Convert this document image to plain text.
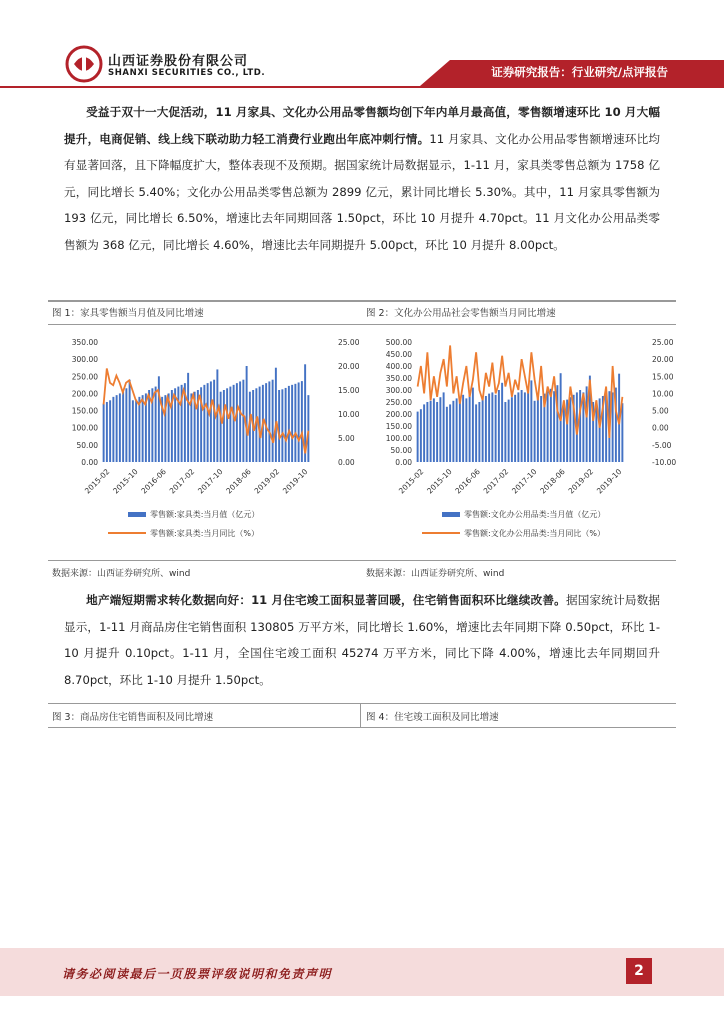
山西证券股份有限公司
SHANXI SECURITIES CO., LTD.	证券研究报告：行业研究/点评报告
受益于双十一大促活动，11 月家具、文化办公用品零售额均创下年内单月最高值，零售额增速环比 10 月大幅提升，电商促销、线上线下联动助力轻工消费行业跑出年底冲刺行情。11 月家具、文化办公用品零售额增速环比均有显著回落，且下降幅度扩大，整体表现不及预期。据国家统计局数据显示，1-11 月，家具类零售总额为 1758 亿元，同比增长 5.40%；文化办公用品类零售总额为 2899 亿元，累计同比增长 5.30%。其中，11 月家具零售额为 193 亿元，同比增长 6.50%，增速比去年同期回落 1.50pct，环比 10 月提升 4.70pct。11 月文化办公用品类零售额为 368 亿元，同比增长 4.60%，增速比去年同期提升 5.00pct，环比 10 月提升 8.00pct。
图 1：家具零售额当月值及同比增速	图 2：文化办公用品社会零售额当月同比增速
0.00
50.00
100.00
150.00
200.00
250.00
300.00
350.00
0.00
5.00
10.00
15.00
20.00
25.00
2015-02 2015-10 2016-06 2017-02 2017-10 2018-06 2019-02 2019-10
零售额:家具类:当月值（亿元）
零售额:家具类:当月同比（%）
0.00
50.00
100.00
150.00
200.00
250.00
300.00
350.00
400.00
450.00
500.00
-10.00
-5.00
0.00
5.00
10.00
15.00
20.00
25.00
2015-02 2015-10 2016-06 2017-02 2017-10 2018-06 2019-02 2019-10
零售额:文化办公用品类:当月值（亿元）
零售额:文化办公用品类:当月同比（%）
数据来源：山西证券研究所、wind	数据来源：山西证券研究所、wind
地产端短期需求转化数据向好：11 月住宅竣工面积显著回暖，住宅销售面积环比继续改善。据国家统计局数据显示，1-11 月商品房住宅销售面积 130805 万平方米，同比增长 1.60%，增速比去年同期下降 0.50pct，环比 1-10 月提升 0.10pct。1-11 月，全国住宅竣工面积 45274 万平方米，同比下降 4.00%，增速比去年同期回升 8.70pct，环比 1-10 月提升 1.50pct。
图 3：商品房住宅销售面积及同比增速	图 4：住宅竣工面积及同比增速
请务必阅读最后一页股票评级说明和免责声明	2
